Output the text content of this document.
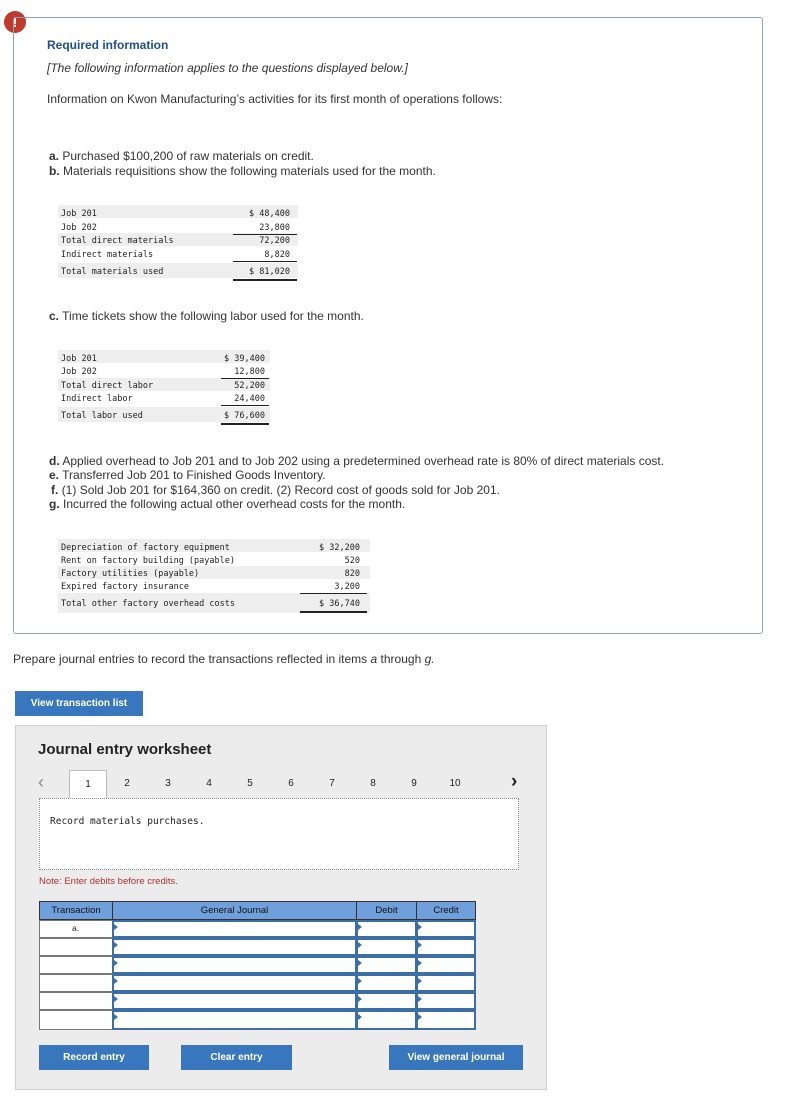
!
Required information
[The following information applies to the questions displayed below.]
Information on Kwon Manufacturing’s activities for its first month of operations follows:
a. Purchased $100,200 of raw materials on credit.
b. Materials requisitions show the following materials used for the month.
Job 201	$ 48,400
Job 202	23,800
Total direct materials	72,200
Indirect materials	8,820
Total materials used	$ 81,020
c. Time tickets show the following labor used for the month.
Job 201	$ 39,400
Job 202	12,800
Total direct labor	52,200
Indirect labor	24,400
Total labor used	$ 76,600
d. Applied overhead to Job 201 and to Job 202 using a predetermined overhead rate is 80% of direct materials cost.
e. Transferred Job 201 to Finished Goods Inventory.
f. (1) Sold Job 201 for $164,360 on credit. (2) Record cost of goods sold for Job 201.
g. Incurred the following actual other overhead costs for the month.
Depreciation of factory equipment	$ 32,200
Rent on factory building (payable)	520
Factory utilities (payable)	820
Expired factory insurance	3,200
Total other factory overhead costs	$ 36,740
Prepare journal entries to record the transactions reflected in items a through g.
View transaction list
Journal entry worksheet
‹	›
1	2	3	4	5	6	7	8	9	10
Record materials purchases.
Note: Enter debits before credits.
Transaction	General Journal	Debit	Credit
a.
Record entry	Clear entry	View general journal
